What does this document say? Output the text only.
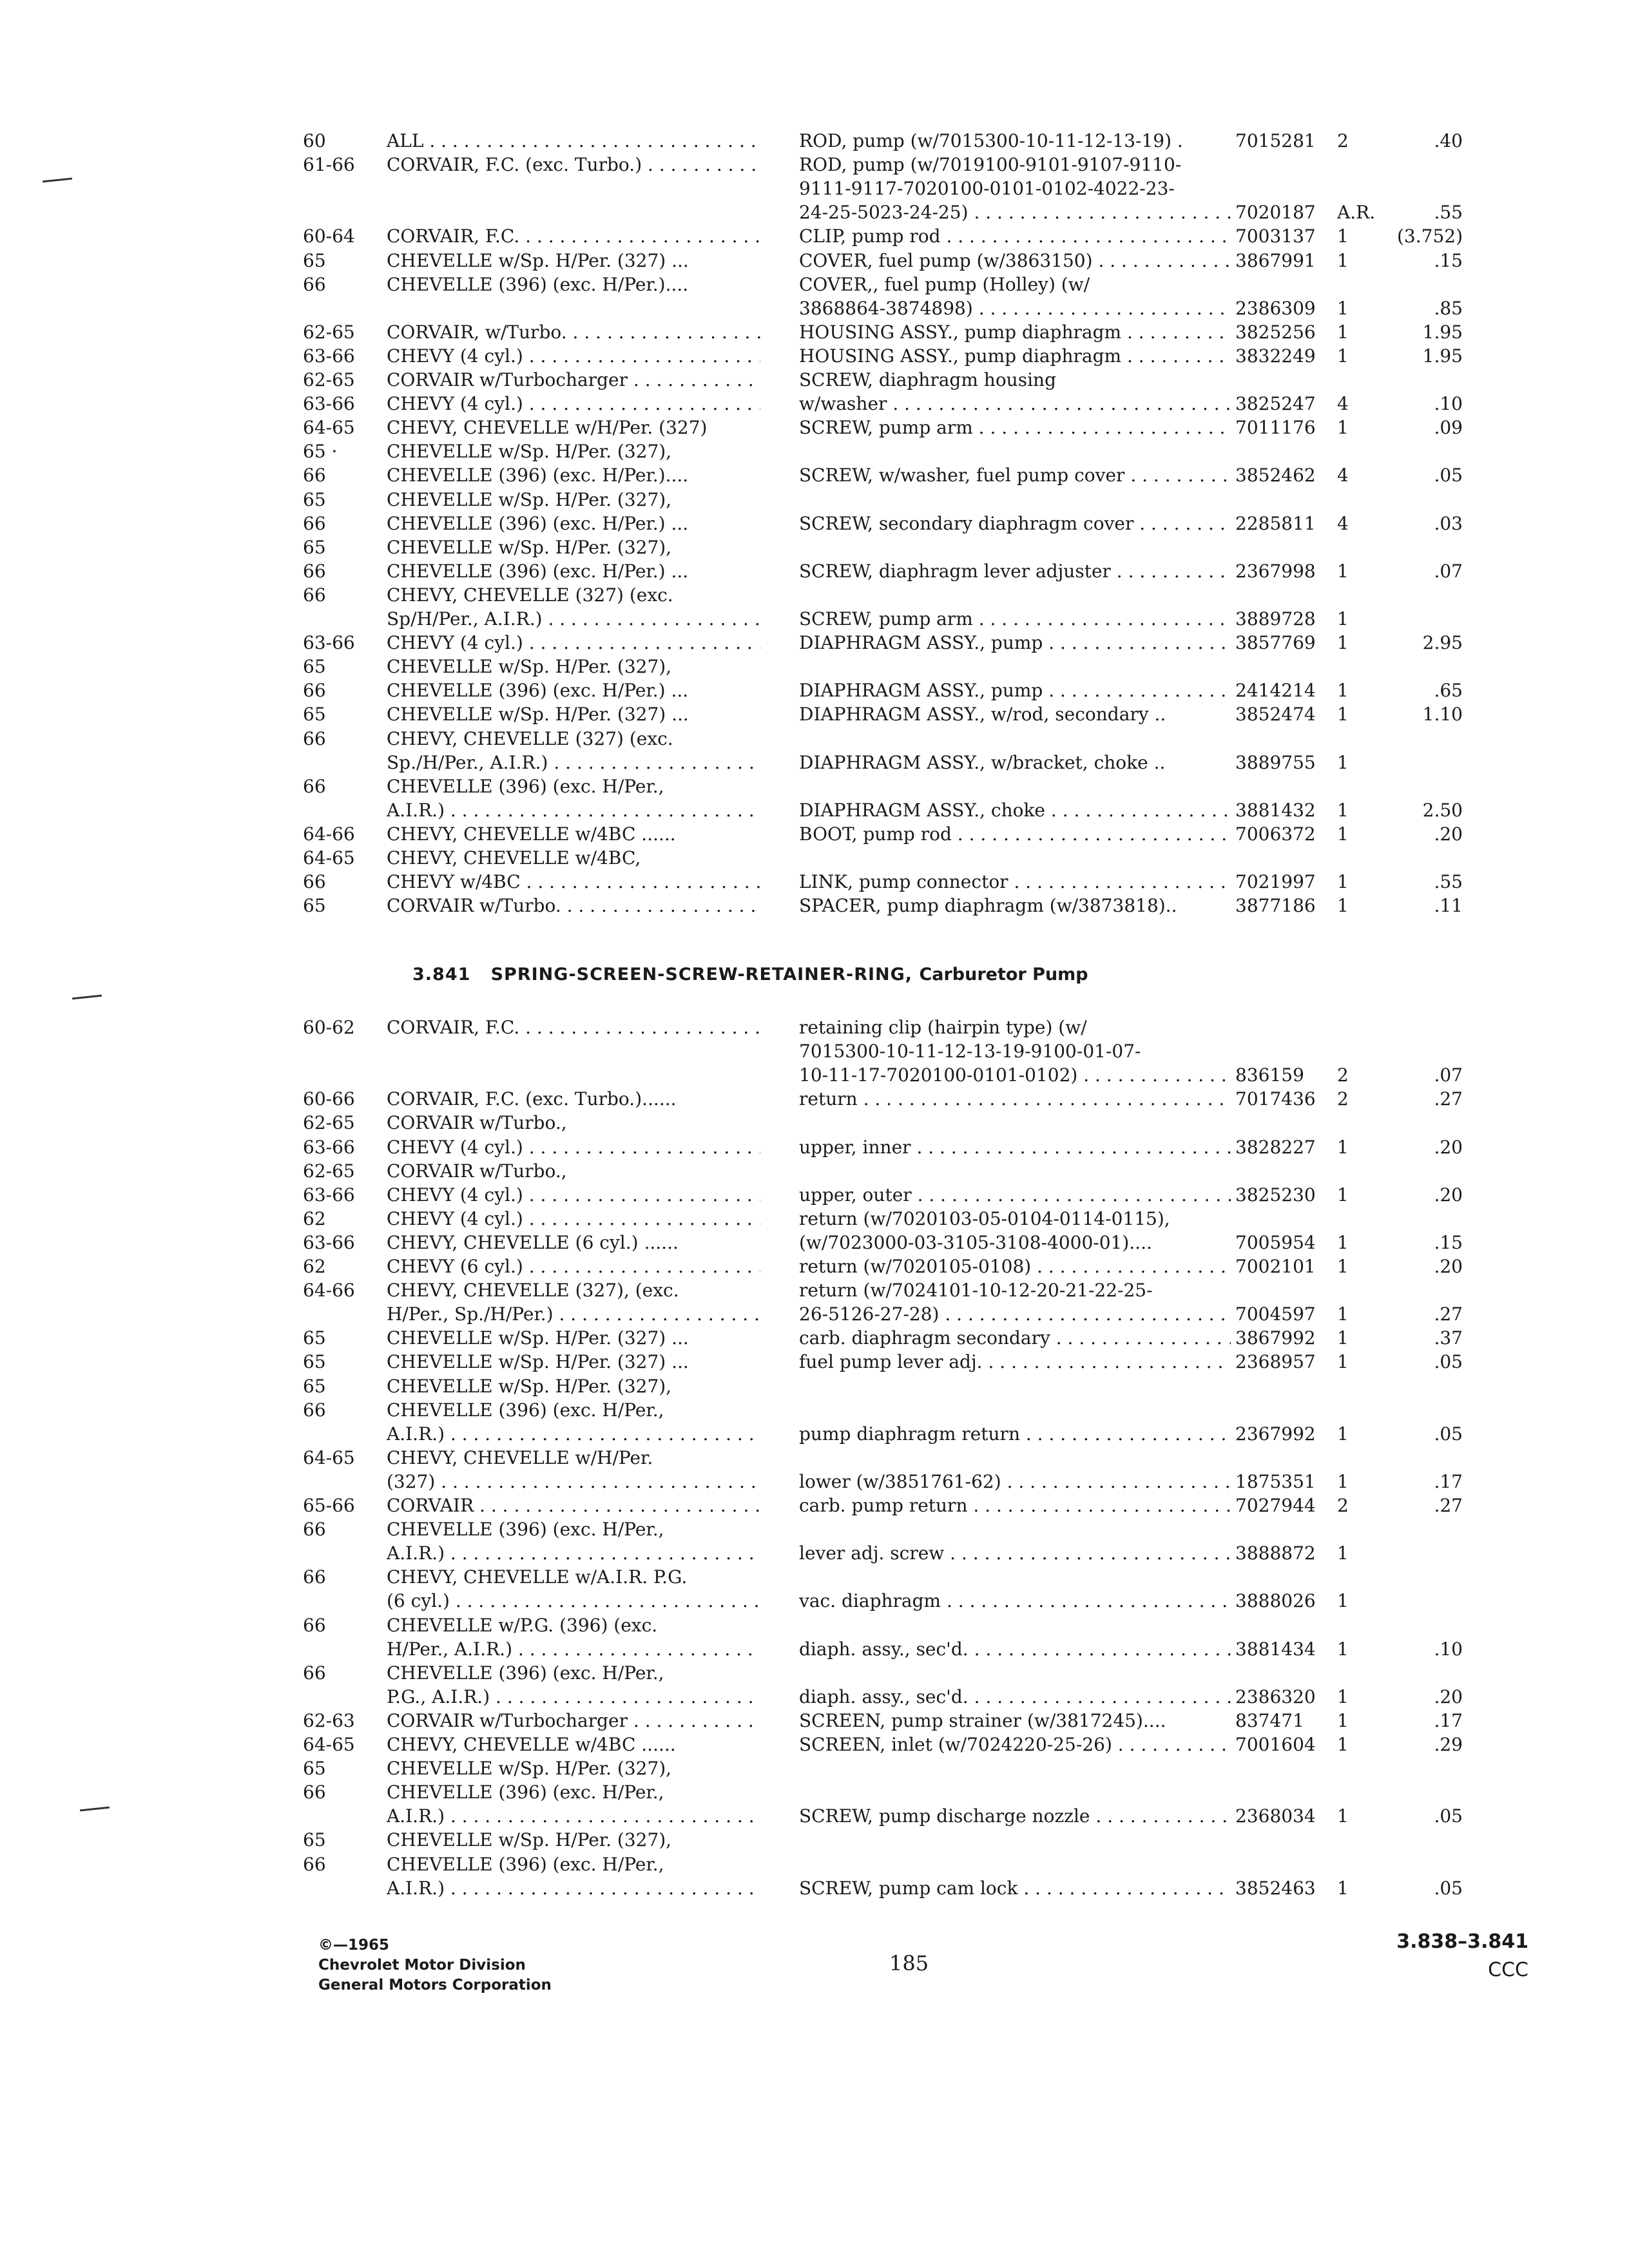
60	ALL . . .	ROD, pump (w/7015300-10-11-12-13-19) .	7015281	2	.40
61-66	CORVAIR, F.C. (exc. Turbo.) . . .	ROD, pump (w/7019100-9101-9107-9110-
9111-9117-7020100-0101-0102-4022-23-
24-25-5023-24-25) . . .	7020187	A.R.	.55
60-64	CORVAIR, F.C. . . .	CLIP, pump rod . . .	7003137	1	(3.752)
65	CHEVELLE w/Sp. H/Per. (327) ...	COVER, fuel pump (w/3863150) . . .	3867991	1	.15
66	CHEVELLE (396) (exc. H/Per.)....	COVER,, fuel pump (Holley) (w/
3868864-3874898) . . .	2386309	1	.85
62-65	CORVAIR, w/Turbo. . . .	HOUSING ASSY., pump diaphragm . . .	3825256	1	1.95
63-66	CHEVY (4 cyl.) . . .	HOUSING ASSY., pump diaphragm . . .	3832249	1	1.95
62-65	CORVAIR w/Turbocharger . . .	SCREW, diaphragm housing
63-66	CHEVY (4 cyl.) . . .	w/washer . . .	3825247	4	.10
64-65	CHEVY, CHEVELLE w/H/Per. (327)	SCREW, pump arm . . .	7011176	1	.09
65 ·	CHEVELLE w/Sp. H/Per. (327),
66	CHEVELLE (396) (exc. H/Per.)....	SCREW, w/washer, fuel pump cover . . .	3852462	4	.05
65	CHEVELLE w/Sp. H/Per. (327),
66	CHEVELLE (396) (exc. H/Per.) ...	SCREW, secondary diaphragm cover . . .	2285811	4	.03
65	CHEVELLE w/Sp. H/Per. (327),
66	CHEVELLE (396) (exc. H/Per.) ...	SCREW, diaphragm lever adjuster . . .	2367998	1	.07
66	CHEVY, CHEVELLE (327) (exc.
Sp/H/Per., A.I.R.) . . .	SCREW, pump arm . . .	3889728	1
63-66	CHEVY (4 cyl.) . . .	DIAPHRAGM ASSY., pump . . .	3857769	1	2.95
65	CHEVELLE w/Sp. H/Per. (327),
66	CHEVELLE (396) (exc. H/Per.) ...	DIAPHRAGM ASSY., pump . . .	2414214	1	.65
65	CHEVELLE w/Sp. H/Per. (327) ...	DIAPHRAGM ASSY., w/rod, secondary ..	3852474	1	1.10
66	CHEVY, CHEVELLE (327) (exc.
Sp./H/Per., A.I.R.) . . .	DIAPHRAGM ASSY., w/bracket, choke ..	3889755	1
66	CHEVELLE (396) (exc. H/Per.,
A.I.R.) . . .	DIAPHRAGM ASSY., choke . . .	3881432	1	2.50
64-66	CHEVY, CHEVELLE w/4BC ......	BOOT, pump rod . . .	7006372	1	.20
64-65	CHEVY, CHEVELLE w/4BC,
66	CHEVY w/4BC . . .	LINK, pump connector . . .	7021997	1	.55
65	CORVAIR w/Turbo. . . .	SPACER, pump diaphragm (w/3873818)..	3877186	1	.11
3.841 SPRING-SCREEN-SCREW-RETAINER-RING, Carburetor Pump
60-62	CORVAIR, F.C. . . .	retaining clip (hairpin type) (w/
7015300-10-11-12-13-19-9100-01-07-
10-11-17-7020100-0101-0102) . . .	836159	2	.07
60-66	CORVAIR, F.C. (exc. Turbo.)......	return . . .	7017436	2	.27
62-65	CORVAIR w/Turbo.,
63-66	CHEVY (4 cyl.) . . .	upper, inner . . .	3828227	1	.20
62-65	CORVAIR w/Turbo.,
63-66	CHEVY (4 cyl.) . . .	upper, outer . . .	3825230	1	.20
62	CHEVY (4 cyl.) . . .	return (w/7020103-05-0104-0114-0115),
63-66	CHEVY, CHEVELLE (6 cyl.) ......	(w/7023000-03-3105-3108-4000-01)....	7005954	1	.15
62	CHEVY (6 cyl.) . . .	return (w/7020105-0108) . . .	7002101	1	.20
64-66	CHEVY, CHEVELLE (327), (exc.	return (w/7024101-10-12-20-21-22-25-
H/Per., Sp./H/Per.) . . .	26-5126-27-28) . . .	7004597	1	.27
65	CHEVELLE w/Sp. H/Per. (327) ...	carb. diaphragm secondary . . .	3867992	1	.37
65	CHEVELLE w/Sp. H/Per. (327) ...	fuel pump lever adj. . . .	2368957	1	.05
65	CHEVELLE w/Sp. H/Per. (327),
66	CHEVELLE (396) (exc. H/Per.,
A.I.R.) . . .	pump diaphragm return . . .	2367992	1	.05
64-65	CHEVY, CHEVELLE w/H/Per.
(327) . . .	lower (w/3851761-62) . . .	1875351	1	.17
65-66	CORVAIR . . .	carb. pump return . . .	7027944	2	.27
66	CHEVELLE (396) (exc. H/Per.,
A.I.R.) . . .	lever adj. screw . . .	3888872	1
66	CHEVY, CHEVELLE w/A.I.R. P.G.
(6 cyl.) . . .	vac. diaphragm . . .	3888026	1
66	CHEVELLE w/P.G. (396) (exc.
H/Per., A.I.R.) . . .	diaph. assy., sec'd. . . .	3881434	1	.10
66	CHEVELLE (396) (exc. H/Per.,
P.G., A.I.R.) . . .	diaph. assy., sec'd. . . .	2386320	1	.20
62-63	CORVAIR w/Turbocharger . . .	SCREEN, pump strainer (w/3817245)....	837471	1	.17
64-65	CHEVY, CHEVELLE w/4BC ......	SCREEN, inlet (w/7024220-25-26) . . .	7001604	1	.29
65	CHEVELLE w/Sp. H/Per. (327),
66	CHEVELLE (396) (exc. H/Per.,
A.I.R.) . . .	SCREW, pump discharge nozzle . . .	2368034	1	.05
65	CHEVELLE w/Sp. H/Per. (327),
66	CHEVELLE (396) (exc. H/Per.,
A.I.R.) . . .	SCREW, pump cam lock . . .	3852463	1	.05
©—1965
Chevrolet Motor Division
General Motors Corporation
185
3.838–3.841
CCC
